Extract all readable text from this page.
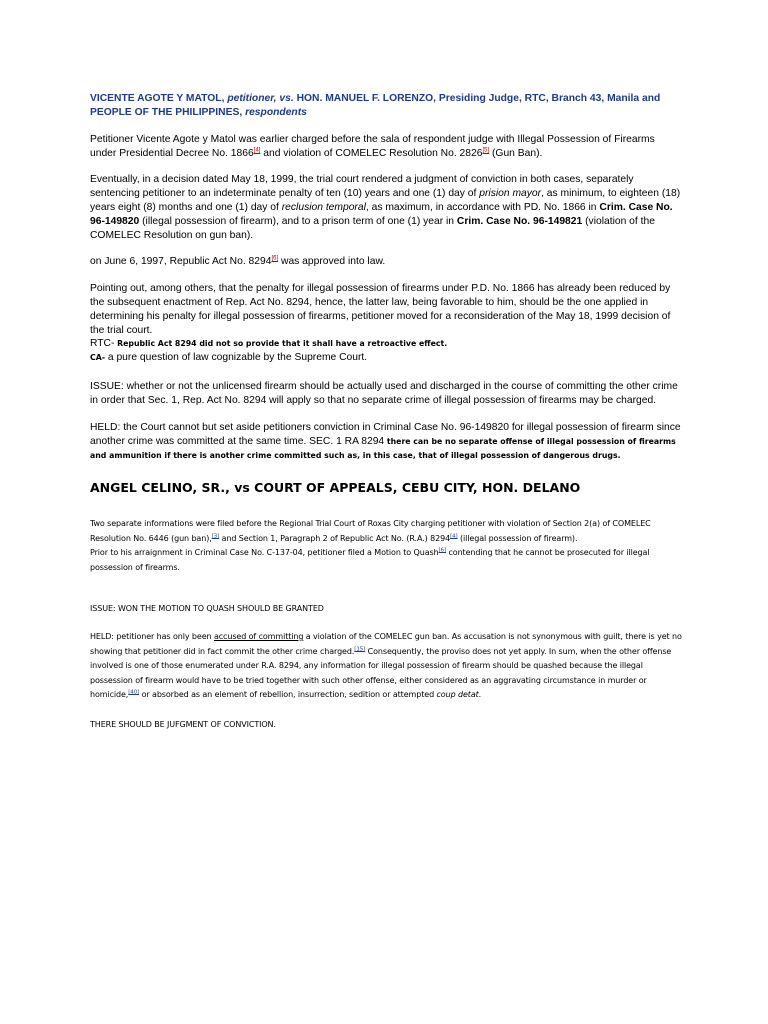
VICENTE AGOTE Y MATOL, petitioner, vs. HON. MANUEL F. LORENZO, Presiding Judge, RTC, Branch 43, Manila and PEOPLE OF THE PHILIPPINES, respondents

Petitioner Vicente Agote y Matol was earlier charged before the sala of respondent judge with Illegal Possession of Firearms under Presidential Decree No. 1866[4] and violation of COMELEC Resolution No. 2826[5] (Gun Ban).

Eventually, in a decision dated May 18, 1999, the trial court rendered a judgment of conviction in both cases, separately sentencing petitioner to an indeterminate penalty of ten (10) years and one (1) day of prision mayor, as minimum, to eighteen (18) years eight (8) months and one (1) day of reclusion temporal, as maximum, in accordance with PD. No. 1866 in Crim. Case No. 96-149820 (illegal possession of firearm), and to a prison term of one (1) year in Crim. Case No. 96-149821 (violation of the COMELEC Resolution on gun ban).

on June 6, 1997, Republic Act No. 8294[6] was approved into law.

Pointing out, among others, that the penalty for illegal possession of firearms under P.D. No. 1866 has already been reduced by the subsequent enactment of Rep. Act No. 8294, hence, the latter law, being favorable to him, should be the one applied in determining his penalty for illegal possession of firearms, petitioner moved for a reconsideration of the May 18, 1999 decision of the trial court.

RTC- Republic Act 8294 did not so provide that it shall have a retroactive effect.

CA- a pure question of law cognizable by the Supreme Court.

ISSUE: whether or not the unlicensed firearm should be actually used and discharged in the course of committing the other crime in order that Sec. 1, Rep. Act No. 8294 will apply so that no separate crime of illegal possession of firearms may be charged.

HELD: the Court cannot but set aside petitioners conviction in Criminal Case No. 96-149820 for illegal possession of firearm since another crime was committed at the same time. SEC. 1 RA 8294 there can be no separate offense of illegal possession of firearms and ammunition if there is another crime committed such as, in this case, that of illegal possession of dangerous drugs.

ANGEL CELINO, SR., vs COURT OF APPEALS, CEBU CITY, HON. DELANO

Two separate informations were filed before the Regional Trial Court of Roxas City charging petitioner with violation of Section 2(a) of COMELEC Resolution No. 6446 (gun ban),[3] and Section 1, Paragraph 2 of Republic Act No. (R.A.) 8294[4] (illegal possession of firearm).
Prior to his arraignment in Criminal Case No. C-137-04, petitioner filed a Motion to Quash[6] contending that he cannot be prosecuted for illegal possession of firearms.

ISSUE: WON THE MOTION TO QUASH SHOULD BE GRANTED

HELD: petitioner has only been accused of committing a violation of the COMELEC gun ban. As accusation is not synonymous with guilt, there is yet no showing that petitioner did in fact commit the other crime charged.[15] Consequently, the proviso does not yet apply. In sum, when the other offense involved is one of those enumerated under R.A. 8294, any information for illegal possession of firearm should be quashed because the illegal possession of firearm would have to be tried together with such other offense, either considered as an aggravating circumstance in murder or homicide,[40] or absorbed as an element of rebellion, insurrection, sedition or attempted coup detat.

THERE SHOULD BE JUFGMENT OF CONVICTION.
